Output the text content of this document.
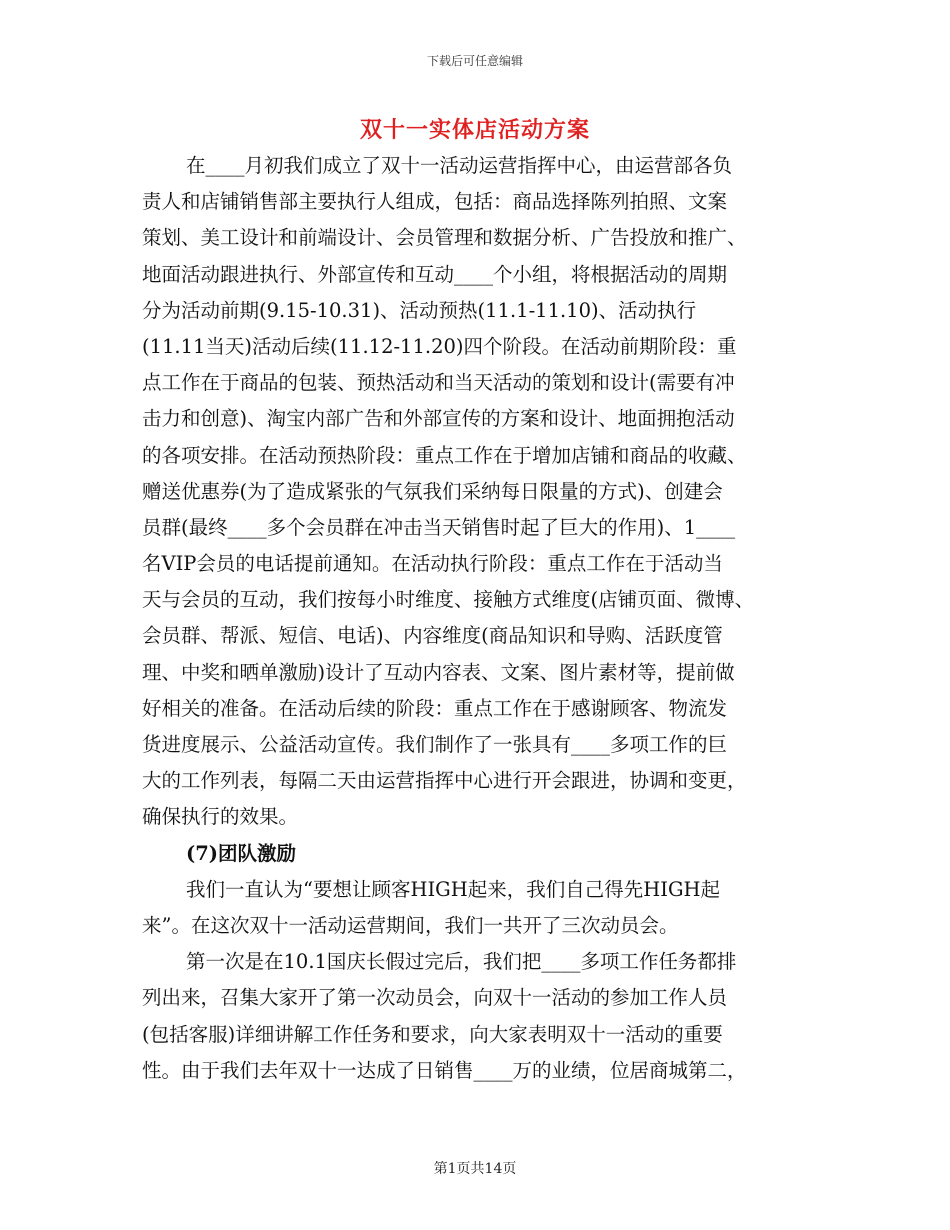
下载后可任意编辑
双十一实体店活动方案
在____月初我们成立了双十一活动运营指挥中心，由运营部各负
责人和店铺销售部主要执行人组成，包括：商品选择陈列拍照、文案
策划、美工设计和前端设计、会员管理和数据分析、广告投放和推广、
地面活动跟进执行、外部宣传和互动____个小组，将根据活动的周期
分为活动前期(9.15-10.31)、活动预热(11.1-11.10)、活动执行
(11.11当天)活动后续(11.12-11.20)四个阶段。在活动前期阶段：重
点工作在于商品的包装、预热活动和当天活动的策划和设计(需要有冲
击力和创意)、淘宝内部广告和外部宣传的方案和设计、地面拥抱活动
的各项安排。在活动预热阶段：重点工作在于增加店铺和商品的收藏、
赠送优惠券(为了造成紧张的气氛我们采纳每日限量的方式)、创建会
员群(最终____多个会员群在冲击当天销售时起了巨大的作用)、1____
名VIP会员的电话提前通知。在活动执行阶段：重点工作在于活动当
天与会员的互动，我们按每小时维度、接触方式维度(店铺页面、微博、
会员群、帮派、短信、电话)、内容维度(商品知识和导购、活跃度管
理、中奖和晒单激励)设计了互动内容表、文案、图片素材等，提前做
好相关的准备。在活动后续的阶段：重点工作在于感谢顾客、物流发
货进度展示、公益活动宣传。我们制作了一张具有____多项工作的巨
大的工作列表，每隔二天由运营指挥中心进行开会跟进，协调和变更，
确保执行的效果。
(7)团队激励
我们一直认为“要想让顾客HIGH起来，我们自己得先HIGH起
来”。在这次双十一活动运营期间，我们一共开了三次动员会。
第一次是在10.1国庆长假过完后，我们把____多项工作任务都排
列出来，召集大家开了第一次动员会，向双十一活动的参加工作人员
(包括客服)详细讲解工作任务和要求，向大家表明双十一活动的重要
性。由于我们去年双十一达成了日销售____万的业绩，位居商城第二，
第1页共14页
